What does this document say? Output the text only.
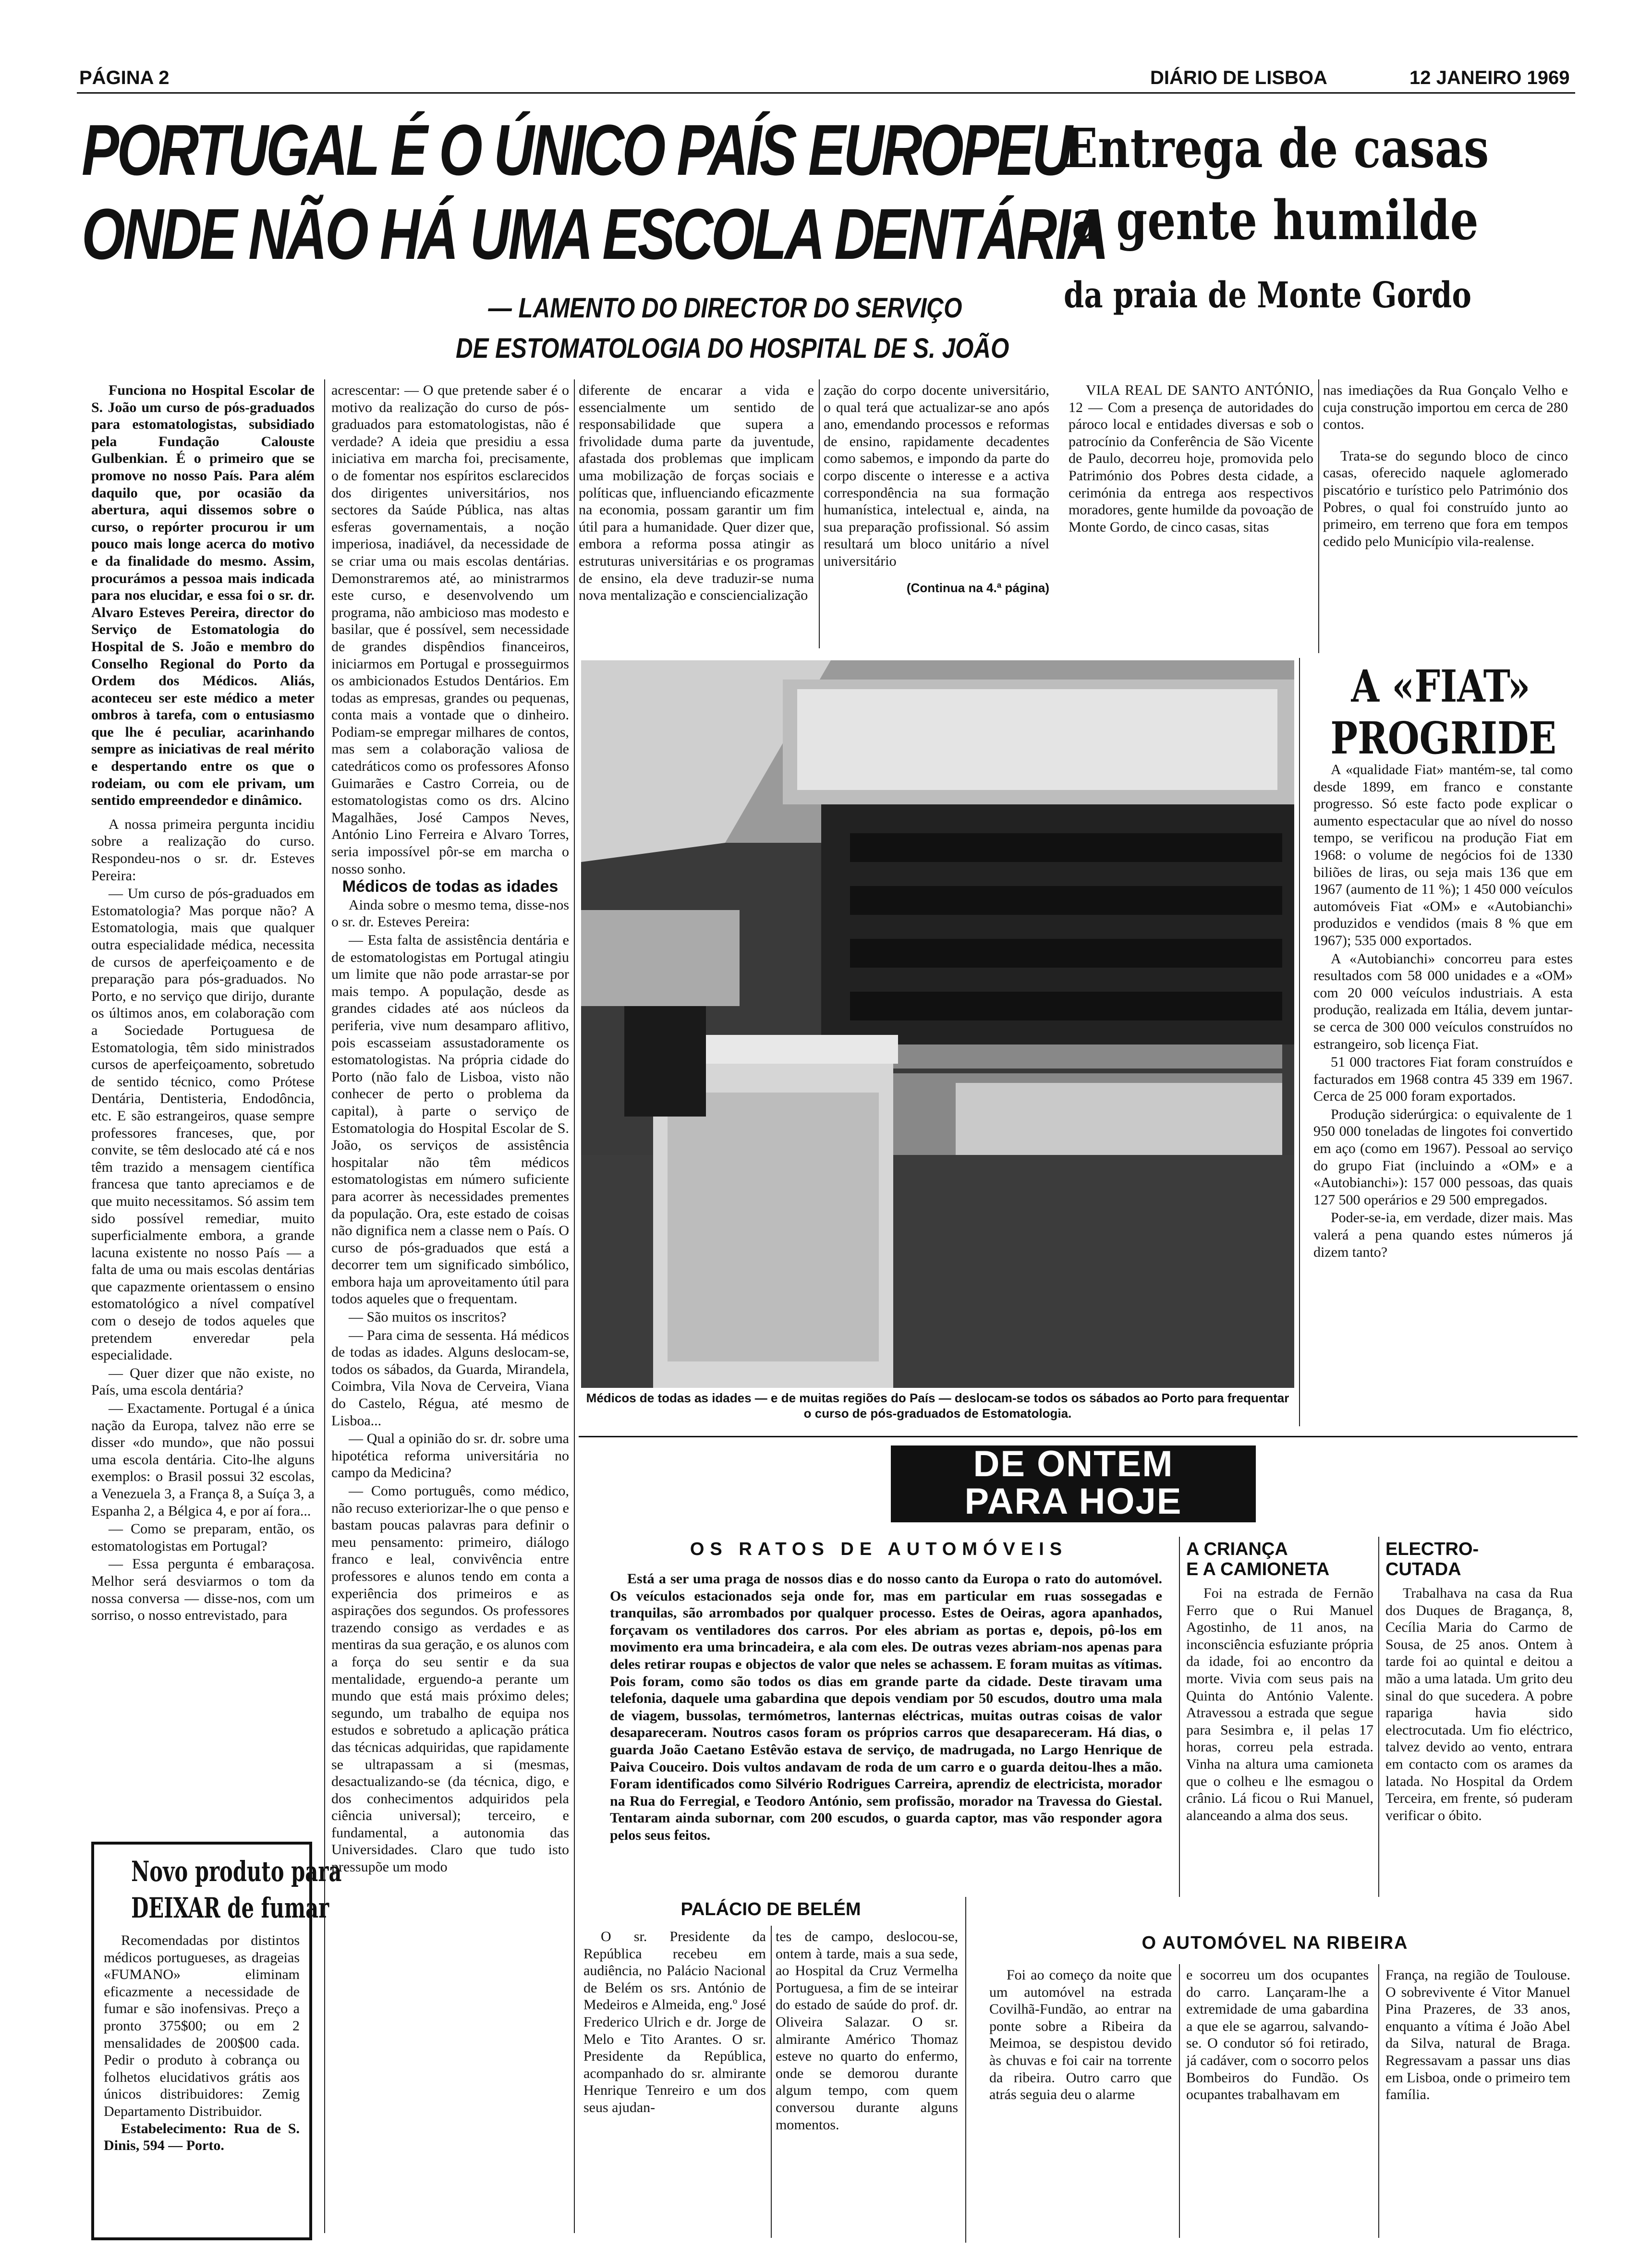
PÁGINA 2	DIÁRIO DE LISBOA	12 JANEIRO 1969
PORTUGAL É O ÚNICO PAÍS EUROPEU
ONDE NÃO HÁ UMA ESCOLA DENTÁRIA
— LAMENTO DO DIRECTOR DO SERVIÇO
DE ESTOMATOLOGIA DO HOSPITAL DE S. JOÃO
Entrega de casas
a gente humilde
da praia de Monte Gordo

Funciona no Hospital Escolar de S. João um curso de pós-graduados para estomatologistas, subsidiado pela Fundação Calouste Gulbenkian. É o primeiro que se promove no nosso País. Para além daquilo que, por ocasião da abertura, aqui dissemos sobre o curso, o repórter procurou ir um pouco mais longe acerca do motivo e da finalidade do mesmo. Assim, procurámos a pessoa mais indicada para nos elucidar, e essa foi o sr. dr. Alvaro Esteves Pereira, director do Serviço de Estomatologia do Hospital de S. João e membro do Conselho Regional do Porto da Ordem dos Médicos. Aliás, aconteceu ser este médico a meter ombros à tarefa, com o entusiasmo que lhe é peculiar, acarinhando sempre as iniciativas de real mérito e despertando entre os que o rodeiam, ou com ele privam, um sentido empreendedor e dinâmico.

A nossa primeira pergunta incidiu sobre a realização do curso. Respondeu-nos o sr. dr. Esteves Pereira:

— Um curso de pós-graduados em Estomatologia? Mas porque não? A Estomatologia, mais que qualquer outra especialidade médica, necessita de cursos de aperfeiçoamento e de preparação para pós-graduados. No Porto, e no serviço que dirijo, durante os últimos anos, em colaboração com a Sociedade Portuguesa de Estomatologia, têm sido ministrados cursos de aperfeiçoamento, sobretudo de sentido técnico, como Prótese Dentária, Dentisteria, Endodôncia, etc. E são estrangeiros, quase sempre professores franceses, que, por convite, se têm deslocado até cá e nos têm trazido a mensagem científica francesa que tanto apreciamos e de que muito necessitamos. Só assim tem sido possível remediar, muito superficialmente embora, a grande lacuna existente no nosso País — a falta de uma ou mais escolas dentárias que capazmente orientassem o ensino estomatológico a nível compatível com o desejo de todos aqueles que pretendem enveredar pela especialidade.

— Quer dizer que não existe, no País, uma escola dentária?

— Exactamente. Portugal é a única nação da Europa, talvez não erre se disser «do mundo», que não possui uma escola dentária. Cito-lhe alguns exemplos: o Brasil possui 32 escolas, a Venezuela 3, a França 8, a Suíça 3, a Espanha 2, a Bélgica 4, e por aí fora...

— Como se preparam, então, os estomatologistas em Portugal?

— Essa pergunta é embaraçosa. Melhor será desviarmos o tom da nossa conversa — disse-nos, com um sorriso, o nosso entrevistado, para

acrescentar: — O que pretende saber é o motivo da realização do curso de pós-graduados para estomatologistas, não é verdade? A ideia que presidiu a essa iniciativa em marcha foi, precisamente, o de fomentar nos espíritos esclarecidos dos dirigentes universitários, nos sectores da Saúde Pública, nas altas esferas governamentais, a noção imperiosa, inadiável, da necessidade de se criar uma ou mais escolas dentárias. Demonstraremos até, ao ministrarmos este curso, e desenvolvendo um programa, não ambicioso mas modesto e basilar, que é possível, sem necessidade de grandes dispêndios financeiros, iniciarmos em Portugal e prosseguirmos os ambicionados Estudos Dentários. Em todas as empresas, grandes ou pequenas, conta mais a vontade que o dinheiro. Podiam-se empregar milhares de contos, mas sem a colaboração valiosa de catedráticos como os professores Afonso Guimarães e Castro Correia, ou de estomatologistas como os drs. Alcino Magalhães, José Campos Neves, António Lino Ferreira e Alvaro Torres, seria impossível pôr-se em marcha o nosso sonho.

Médicos de todas as idades

Ainda sobre o mesmo tema, disse-nos o sr. dr. Esteves Pereira:

— Esta falta de assistência dentária e de estomatologistas em Portugal atingiu um limite que não pode arrastar-se por mais tempo. A população, desde as grandes cidades até aos núcleos da periferia, vive num desamparo aflitivo, pois escasseiam assustadoramente os estomatologistas. Na própria cidade do Porto (não falo de Lisboa, visto não conhecer de perto o problema da capital), à parte o serviço de Estomatologia do Hospital Escolar de S. João, os serviços de assistência hospitalar não têm médicos estomatologistas em número suficiente para acorrer às necessidades prementes da população. Ora, este estado de coisas não dignifica nem a classe nem o País. O curso de pós-graduados que está a decorrer tem um significado simbólico, embora haja um aproveitamento útil para todos aqueles que o frequentam.

— São muitos os inscritos?

— Para cima de sessenta. Há médicos de todas as idades. Alguns deslocam-se, todos os sábados, da Guarda, Mirandela, Coimbra, Vila Nova de Cerveira, Viana do Castelo, Régua, até mesmo de Lisboa...

— Qual a opinião do sr. dr. sobre uma hipotética reforma universitária no campo da Medicina?

— Como português, como médico, não recuso exteriorizar-lhe o que penso e bastam poucas palavras para definir o meu pensamento: primeiro, diálogo franco e leal, convivência entre professores e alunos tendo em conta a experiência dos primeiros e as aspirações dos segundos. Os professores trazendo consigo as verdades e as mentiras da sua geração, e os alunos com a força do seu sentir e da sua mentalidade, erguendo-a perante um mundo que está mais próximo deles; segundo, um trabalho de equipa nos estudos e sobretudo a aplicação prática das técnicas adquiridas, que rapidamente se ultrapassam a si (mesmas, desactualizando-se (da técnica, digo, e dos conhecimentos adquiridos pela ciência universal); terceiro, e fundamental, a autonomia das Universidades. Claro que tudo isto pressupõe um modo

diferente de encarar a vida e essencialmente um sentido de responsabilidade que supera a frivolidade duma parte da juventude, afastada dos problemas que implicam uma mobilização de forças sociais e políticas que, influenciando eficazmente na economia, possam garantir um fim útil para a humanidade. Quer dizer que, embora a reforma possa atingir as estruturas universitárias e os programas de ensino, ela deve traduzir-se numa nova mentalização e consciencialização

zação do corpo docente universitário, o qual terá que actualizar-se ano após ano, emendando processos e reformas de ensino, rapidamente decadentes como sabemos, e impondo da parte do corpo discente o interesse e a activa correspondência na sua formação humanística, intelectual e, ainda, na sua preparação profissional. Só assim resultará um bloco unitário a nível universitário

(Continua na 4.ª página)

VILA REAL DE SANTO ANTÓNIO, 12 — Com a presença de autoridades do pároco local e entidades diversas e sob o patrocínio da Conferência de São Vicente de Paulo, decorreu hoje, promovida pelo Património dos Pobres desta cidade, a cerimónia da entrega aos respectivos moradores, gente humilde da povoação de Monte Gordo, de cinco casas, sitas

nas imediações da Rua Gonçalo Velho e cuja construção importou em cerca de 280 contos.

Trata-se do segundo bloco de cinco casas, oferecido naquele aglomerado piscatório e turístico pelo Património dos Pobres, o qual foi construído junto ao primeiro, em terreno que fora em tempos cedido pelo Município vila-realense.

Médicos de todas as idades — e de muitas regiões do País — deslocam-se todos os sábados ao Porto para frequentar o curso de pós-graduados de Estomatologia.
A «FIAT»
PROGRIDE

A «qualidade Fiat» mantém-se, tal como desde 1899, em franco e constante progresso. Só este facto pode explicar o aumento espectacular que ao nível do nosso tempo, se verificou na produção Fiat em 1968: o volume de negócios foi de 1330 biliões de liras, ou seja mais 136 que em 1967 (aumento de 11 %); 1 450 000 veículos automóveis Fiat «OM» e «Autobianchi» produzidos e vendidos (mais 8 % que em 1967); 535 000 exportados.

A «Autobianchi» concorreu para estes resultados com 58 000 unidades e a «OM» com 20 000 veículos industriais. A esta produção, realizada em Itália, devem juntar-se cerca de 300 000 veículos construídos no estrangeiro, sob licença Fiat.

51 000 tractores Fiat foram construídos e facturados em 1968 contra 45 339 em 1967. Cerca de 25 000 foram exportados.

Produção siderúrgica: o equivalente de 1 950 000 toneladas de lingotes foi convertido em aço (como em 1967). Pessoal ao serviço do grupo Fiat (incluindo a «OM» e a «Autobianchi»): 157 000 pessoas, das quais 127 500 operários e 29 500 empregados.

Poder-se-ia, em verdade, dizer mais. Mas valerá a pena quando estes números já dizem tanto?

Novo produto para
DEIXAR de fumar

Recomendadas por distintos médicos portugueses, as drageias «FUMANO» eliminam eficazmente a necessidade de fumar e são inofensivas. Preço a pronto 375$00; ou em 2 mensalidades de 200$00 cada. Pedir o produto à cobrança ou folhetos elucidativos grátis aos únicos distribuidores: Zemig Departamento Distribuidor.

Estabelecimento: Rua de S. Dinis, 594 — Porto.

DE ONTEM
PARA HOJE
OS RATOS DE AUTOMÓVEIS

Está a ser uma praga de nossos dias e do nosso canto da Europa o rato do automóvel. Os veículos estacionados seja onde for, mas em particular em ruas sossegadas e tranquilas, são arrombados por qualquer processo. Estes de Oeiras, agora apanhados, forçavam os ventiladores dos carros. Por eles abriam as portas e, depois, pô-los em movimento era uma brincadeira, e ala com eles. De outras vezes abriam-nos apenas para deles retirar roupas e objectos de valor que neles se achassem. E foram muitas as vítimas. Pois foram, como são todos os dias em grande parte da cidade. Deste tiravam uma telefonia, daquele uma gabardina que depois vendiam por 50 escudos, doutro uma mala de viagem, bussolas, termómetros, lanternas eléctricas, muitas outras coisas de valor desapareceram. Noutros casos foram os próprios carros que desapareceram. Há dias, o guarda João Caetano Estêvão estava de serviço, de madrugada, no Largo Henrique de Paiva Couceiro. Dois vultos andavam de roda de um carro e o guarda deitou-lhes a mão. Foram identificados como Silvério Rodrigues Carreira, aprendiz de electricista, morador na Rua do Ferregial, e Teodoro António, sem profissão, morador na Travessa do Giestal. Tentaram ainda subornar, com 200 escudos, o guarda captor, mas vão responder agora pelos seus feitos.

A CRIANÇA
E A CAMIONETA

Foi na estrada de Fernão Ferro que o Rui Manuel Agostinho, de 11 anos, na inconsciência esfuziante própria da idade, foi ao encontro da morte. Vivia com seus pais na Quinta do António Valente. Atravessou a estrada que segue para Sesimbra e, il pelas 17 horas, correu pela estrada. Vinha na altura uma camioneta que o colheu e lhe esmagou o crânio. Lá ficou o Rui Manuel, alanceando a alma dos seus.

ELECTRO-
CUTADA

Trabalhava na casa da Rua dos Duques de Bragança, 8, Cecília Maria do Carmo de Sousa, de 25 anos. Ontem à tarde foi ao quintal e deitou a mão a uma latada. Um grito deu sinal do que sucedera. A pobre rapariga havia sido electrocutada. Um fio eléctrico, talvez devido ao vento, entrara em contacto com os arames da latada. No Hospital da Ordem Terceira, em frente, só puderam verificar o óbito.

PALÁCIO DE BELÉM

O sr. Presidente da República recebeu em audiência, no Palácio Nacional de Belém os srs. António de Medeiros e Almeida, eng.º José Frederico Ulrich e dr. Jorge de Melo e Tito Arantes. O sr. Presidente da República, acompanhado do sr. almirante Henrique Tenreiro e um dos seus ajudan-

tes de campo, deslocou-se, ontem à tarde, mais a sua sede, ao Hospital da Cruz Vermelha Portuguesa, a fim de se inteirar do estado de saúde do prof. dr. Oliveira Salazar. O sr. almirante Américo Thomaz esteve no quarto do enfermo, onde se demorou durante algum tempo, com quem conversou durante alguns momentos.

O AUTOMÓVEL NA RIBEIRA

Foi ao começo da noite que um automóvel na estrada Covilhã-Fundão, ao entrar na ponte sobre a Ribeira da Meimoa, se despistou devido às chuvas e foi cair na torrente da ribeira. Outro carro que atrás seguia deu o alarme

e socorreu um dos ocupantes do carro. Lançaram-lhe a extremidade de uma gabardina a que ele se agarrou, salvando-se. O condutor só foi retirado, já cadáver, com o socorro pelos Bombeiros do Fundão. Os ocupantes trabalhavam em

França, na região de Toulouse. O sobrevivente é Vitor Manuel Pina Prazeres, de 33 anos, enquanto a vítima é João Abel da Silva, natural de Braga. Regressavam a passar uns dias em Lisboa, onde o primeiro tem família.
